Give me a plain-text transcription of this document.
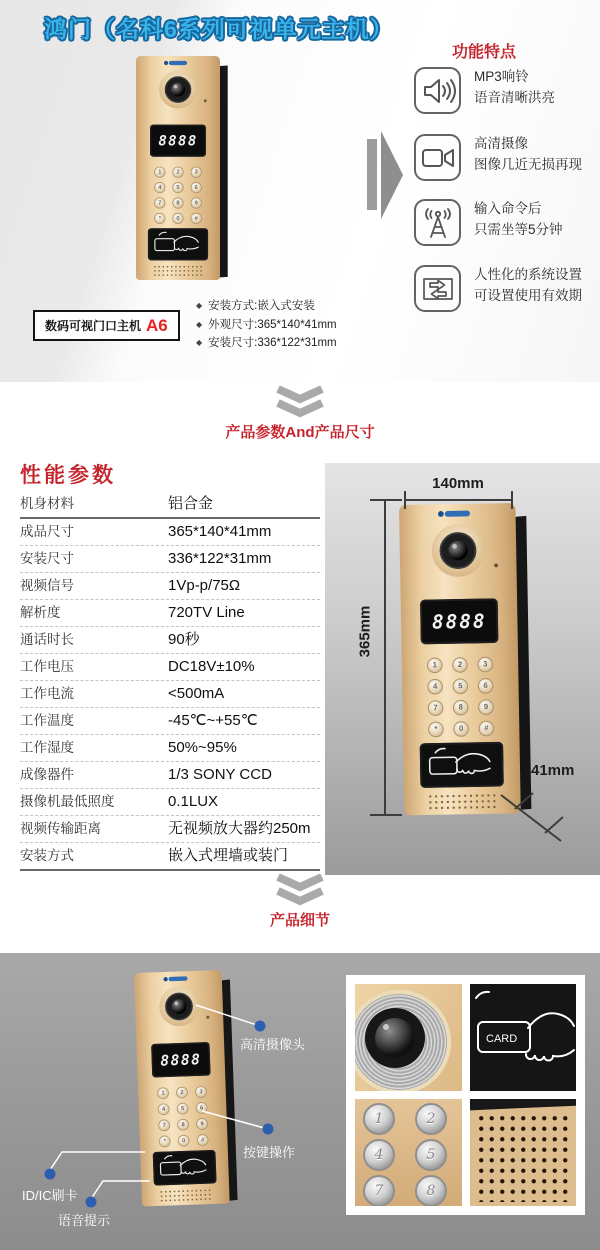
鸿门（名科6系列可视单元主机）
8888
1	2	3
4	5	6
7	8	9
*	0	#
数码可视门口主机 A6
◆ 安装方式:嵌入式安装
◆ 外观尺寸:365*140*41mm
◆ 安装尺寸:336*122*31mm
功能特点
MP3响铃
语音清晰洪亮
高清摄像
图像几近无损再现
输入命令后
只需坐等5分钟
人性化的系统设置
可设置使用有效期
产品参数And产品尺寸
性能参数
机身材料	铝合金
成品尺寸	365*140*41mm
安装尺寸	336*122*31mm
视频信号	1Vp-p/75Ω
解析度	720TV Line
通话时长	90秒
工作电压	DC18V±10%
工作电流	<500mA
工作温度	-45℃~+55℃
工作湿度	50%~95%
成像器件	1/3 SONY CCD
摄像机最低照度	0.1LUX
视频传输距离	无视频放大器约250m
安装方式	嵌入式埋墙或装门
8888
1	2	3
4	5	6
7	8	9
*	0	#
140mm
365mm
41mm
产品细节
8888
1	2	3
4	5	6
7	8	9
*	0	#
高清摄像头
按键操作
ID/IC刷卡
语音提示
CARD
1	2
4	5
7	8
